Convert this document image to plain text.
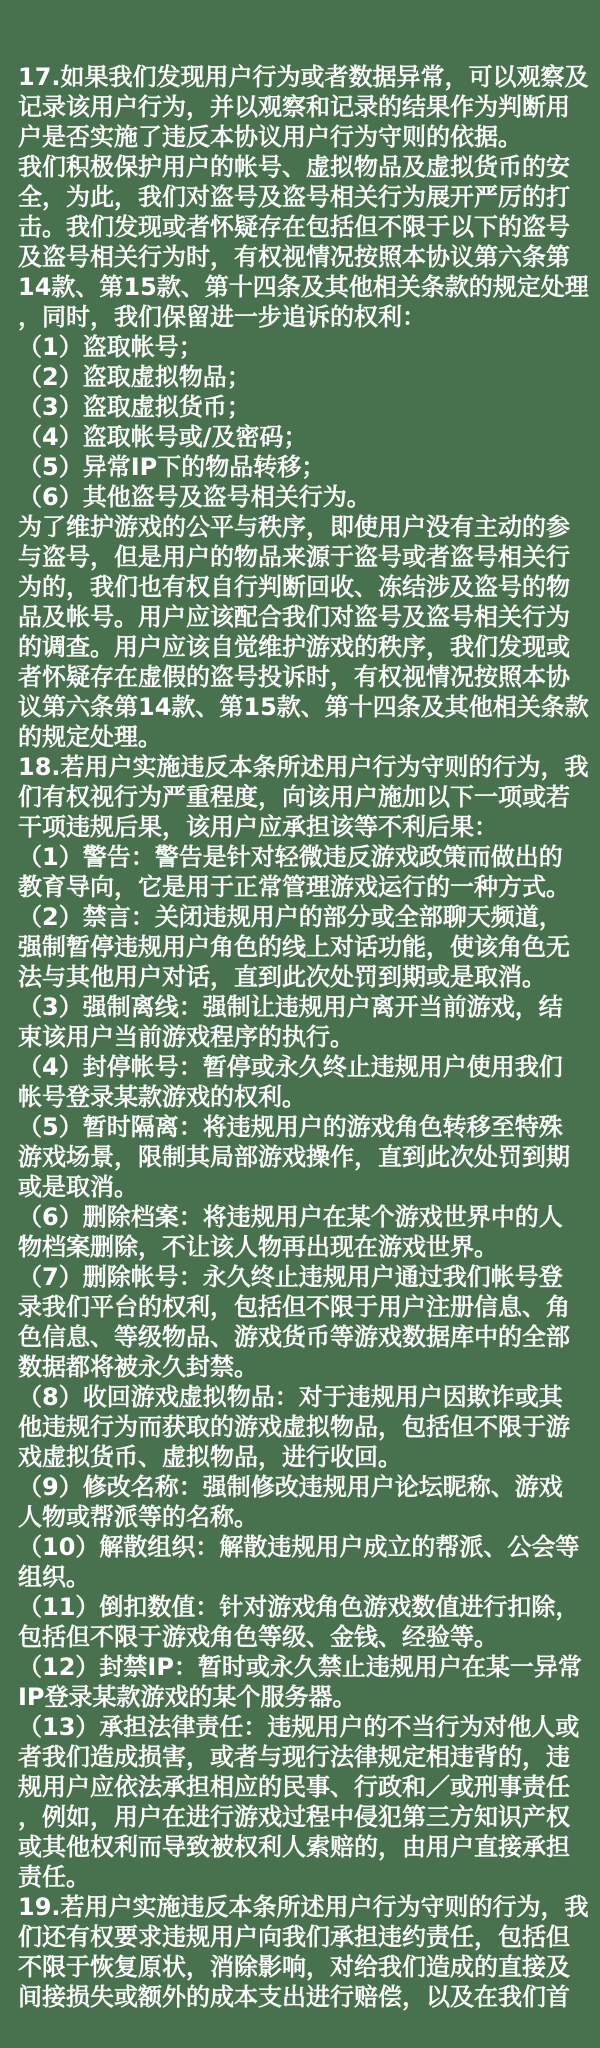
17.如果我们发现用户行为或者数据异常，可以观察及
记录该用户行为，并以观察和记录的结果作为判断用
户是否实施了违反本协议用户行为守则的依据。
我们积极保护用户的帐号、虚拟物品及虚拟货币的安
全，为此，我们对盗号及盗号相关行为展开严厉的打
击。我们发现或者怀疑存在包括但不限于以下的盗号
及盗号相关行为时，有权视情况按照本协议第六条第
14款、第15款、第十四条及其他相关条款的规定处理
，同时，我们保留进一步追诉的权利：
（1）盗取帐号；
（2）盗取虚拟物品；
（3）盗取虚拟货币；
（4）盗取帐号或/及密码；
（5）异常IP下的物品转移；
（6）其他盗号及盗号相关行为。
为了维护游戏的公平与秩序，即使用户没有主动的参
与盗号，但是用户的物品来源于盗号或者盗号相关行
为的，我们也有权自行判断回收、冻结涉及盗号的物
品及帐号。用户应该配合我们对盗号及盗号相关行为
的调查。用户应该自觉维护游戏的秩序，我们发现或
者怀疑存在虚假的盗号投诉时，有权视情况按照本协
议第六条第14款、第15款、第十四条及其他相关条款
的规定处理。
18.若用户实施违反本条所述用户行为守则的行为，我
们有权视行为严重程度，向该用户施加以下一项或若
干项违规后果，该用户应承担该等不利后果：
（1）警告：警告是针对轻微违反游戏政策而做出的
教育导向，它是用于正常管理游戏运行的一种方式。
（2）禁言：关闭违规用户的部分或全部聊天频道，
强制暂停违规用户角色的线上对话功能，使该角色无
法与其他用户对话，直到此次处罚到期或是取消。
（3）强制离线：强制让违规用户离开当前游戏，结
束该用户当前游戏程序的执行。
（4）封停帐号：暂停或永久终止违规用户使用我们
帐号登录某款游戏的权利。
（5）暂时隔离：将违规用户的游戏角色转移至特殊
游戏场景，限制其局部游戏操作，直到此次处罚到期
或是取消。
（6）删除档案：将违规用户在某个游戏世界中的人
物档案删除，不让该人物再出现在游戏世界。
（7）删除帐号：永久终止违规用户通过我们帐号登
录我们平台的权利，包括但不限于用户注册信息、角
色信息、等级物品、游戏货币等游戏数据库中的全部
数据都将被永久封禁。
（8）收回游戏虚拟物品：对于违规用户因欺诈或其
他违规行为而获取的游戏虚拟物品，包括但不限于游
戏虚拟货币、虚拟物品，进行收回。
（9）修改名称：强制修改违规用户论坛昵称、游戏
人物或帮派等的名称。
（10）解散组织：解散违规用户成立的帮派、公会等
组织。
（11）倒扣数值：针对游戏角色游戏数值进行扣除，
包括但不限于游戏角色等级、金钱、经验等。
（12）封禁IP：暂时或永久禁止违规用户在某一异常
IP登录某款游戏的某个服务器。
（13）承担法律责任：违规用户的不当行为对他人或
者我们造成损害，或者与现行法律规定相违背的，违
规用户应依法承担相应的民事、行政和／或刑事责任
，例如，用户在进行游戏过程中侵犯第三方知识产权
或其他权利而导致被权利人索赔的，由用户直接承担
责任。
19.若用户实施违反本条所述用户行为守则的行为，我
们还有权要求违规用户向我们承担违约责任，包括但
不限于恢复原状，消除影响，对给我们造成的直接及
间接损失或额外的成本支出进行赔偿，以及在我们首
